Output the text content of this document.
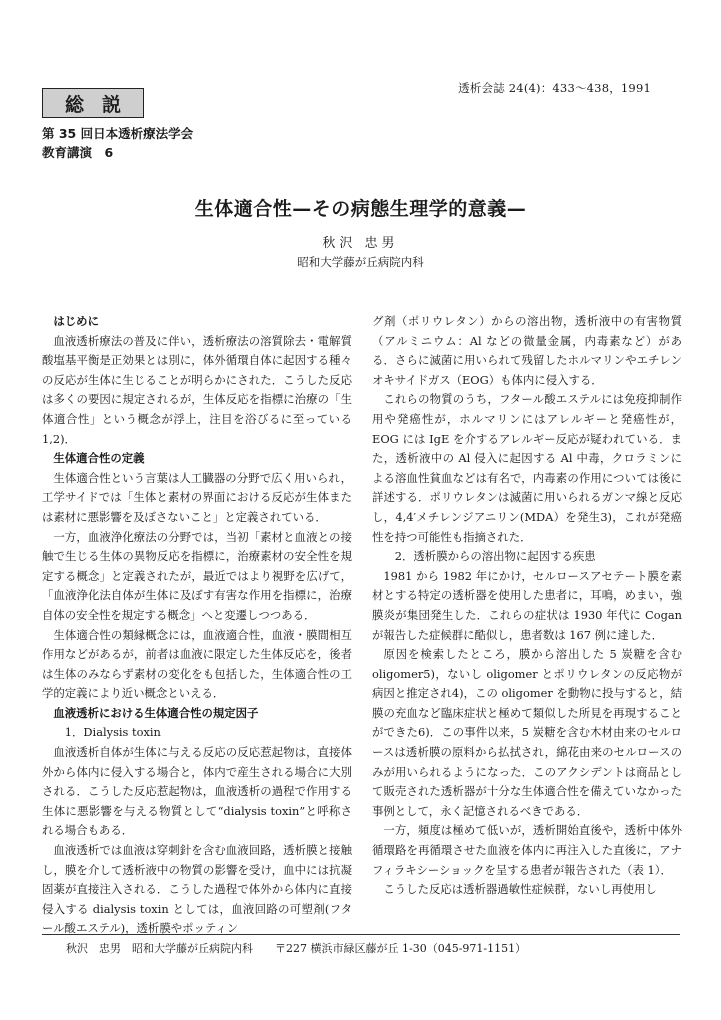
透析会誌 24(4)：433〜438，1991
総説
第 35 回日本透析療法学会
教育講演　6
生体適合性—その病態生理学的意義—
秋沢 忠男
昭和大学藤が丘病院内科
はじめに

血液透析療法の普及に伴い，透析療法の溶質除去・電解質酸塩基平衡是正効果とは別に，体外循環自体に起因する種々の反応が生体に生じることが明らかにされた．こうした反応は多くの要因に規定されるが，生体反応を指標に治療の「生体適合性」という概念が浮上，注目を浴びるに至っている1,2)．

生体適合性の定義

生体適合性という言葉は人工臓器の分野で広く用いられ，工学サイドでは「生体と素材の界面における反応が生体または素材に悪影響を及ぼさないこと」と定義されている．

一方，血液浄化療法の分野では，当初「素材と血液との接触で生じる生体の異物反応を指標に，治療素材の安全性を規定する概念」と定義されたが，最近ではより視野を広げて，「血液浄化法自体が生体に及ぼす有害な作用を指標に，治療自体の安全性を規定する概念」へと変遷しつつある．

生体適合性の類縁概念には，血液適合性，血液・膜間相互作用などがあるが，前者は血液に限定した生体反応を，後者は生体のみならず素材の変化をも包括した，生体適合性の工学的定義により近い概念といえる．

血液透析における生体適合性の規定因子

1．Dialysis toxin

血液透析自体が生体に与える反応の反応惹起物は，直接体外から体内に侵入する場合と，体内で産生される場合に大別される．こうした反応惹起物は，血液透析の過程で作用する生体に悪影響を与える物質として“dialysis toxin”と呼称される場合もある．

血液透析では血液は穿刺針を含む血液回路，透析膜と接触し，膜を介して透析液中の物質の影響を受け，血中には抗凝固薬が直接注入される．こうした過程で体外から体内に直接侵入する dialysis toxin としては，血液回路の可塑剤(フタール酸エステル)，透析膜やポッティン

グ剤（ポリウレタン）からの溶出物，透析液中の有害物質（アルミニウム：Al などの微量金属，内毒素など）がある．さらに滅菌に用いられて残留したホルマリンやエチレンオキサイドガス（EOG）も体内に侵入する．

これらの物質のうち，フタール酸エステルには免疫抑制作用や発癌性が，ホルマリンにはアレルギーと発癌性が，EOG には IgE を介するアレルギー反応が疑われている．また，透析液中の Al 侵入に起因する Al 中毒，クロラミンによる溶血性貧血などは有名で，内毒素の作用については後に詳述する．ポリウレタンは滅菌に用いられるガンマ線と反応し，4,4′メチレンジアニリン(MDA）を発生3)，これが発癌性を持つ可能性も指摘された．

2．透析膜からの溶出物に起因する疾患

1981 から 1982 年にかけ，セルロースアセテート膜を素材とする特定の透析器を使用した患者に，耳鳴，めまい，強膜炎が集団発生した．これらの症状は 1930 年代に Cogan が報告した症候群に酷似し，患者数は 167 例に達した．

原因を検索したところ，膜から溶出した 5 炭糖を含む oligomer5)，ないし oligomer とポリウレタンの反応物が病因と推定され4)，この oligomer を動物に投与すると，結膜の充血など臨床症状と極めて類似した所見を再現することができた6)．この事件以来，5 炭糖を含む木材由来のセルロースは透析膜の原料から払拭され，綿花由来のセルロースのみが用いられるようになった．このアクシデントは商品として販売された透析器が十分な生体適合性を備えていなかった事例として，永く記憶されるべきである．

一方，頻度は極めて低いが，透析開始直後や，透析中体外循環路を再循環させた血液を体内に再注入した直後に，アナフィラキシーショックを呈する患者が報告された（表 1）．

こうした反応は透析器過敏性症候群，ないし再使用し

秋沢　忠男　昭和大学藤が丘病院内科　　〒227 横浜市緑区藤が丘 1-30（045-971-1151）
